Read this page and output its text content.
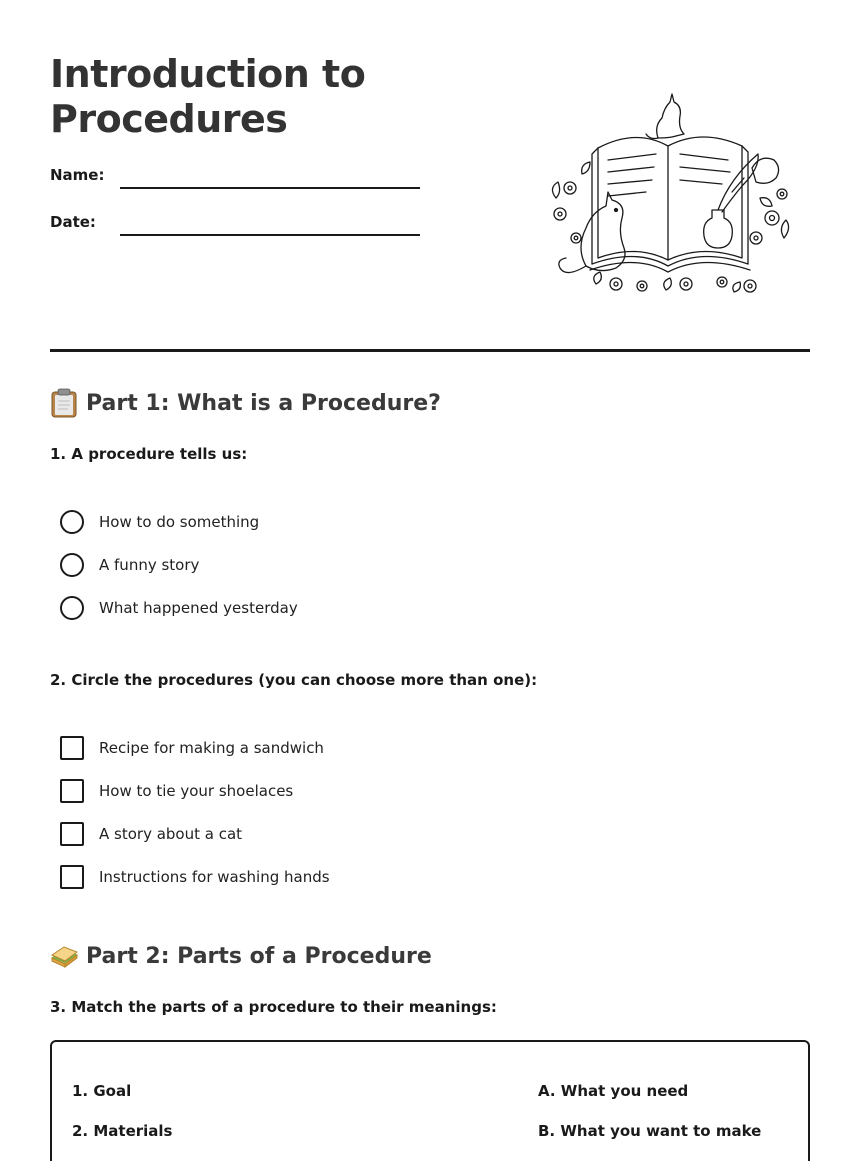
Introduction to Procedures
Name:
Date:
Part 1: What is a Procedure?
1. A procedure tells us:
How to do something
A funny story
What happened yesterday
2. Circle the procedures (you can choose more than one):
Recipe for making a sandwich
How to tie your shoelaces
A story about a cat
Instructions for washing hands
Part 2: Parts of a Procedure
3. Match the parts of a procedure to their meanings:
1. Goal
2. Materials
A. What you need
B. What you want to make
